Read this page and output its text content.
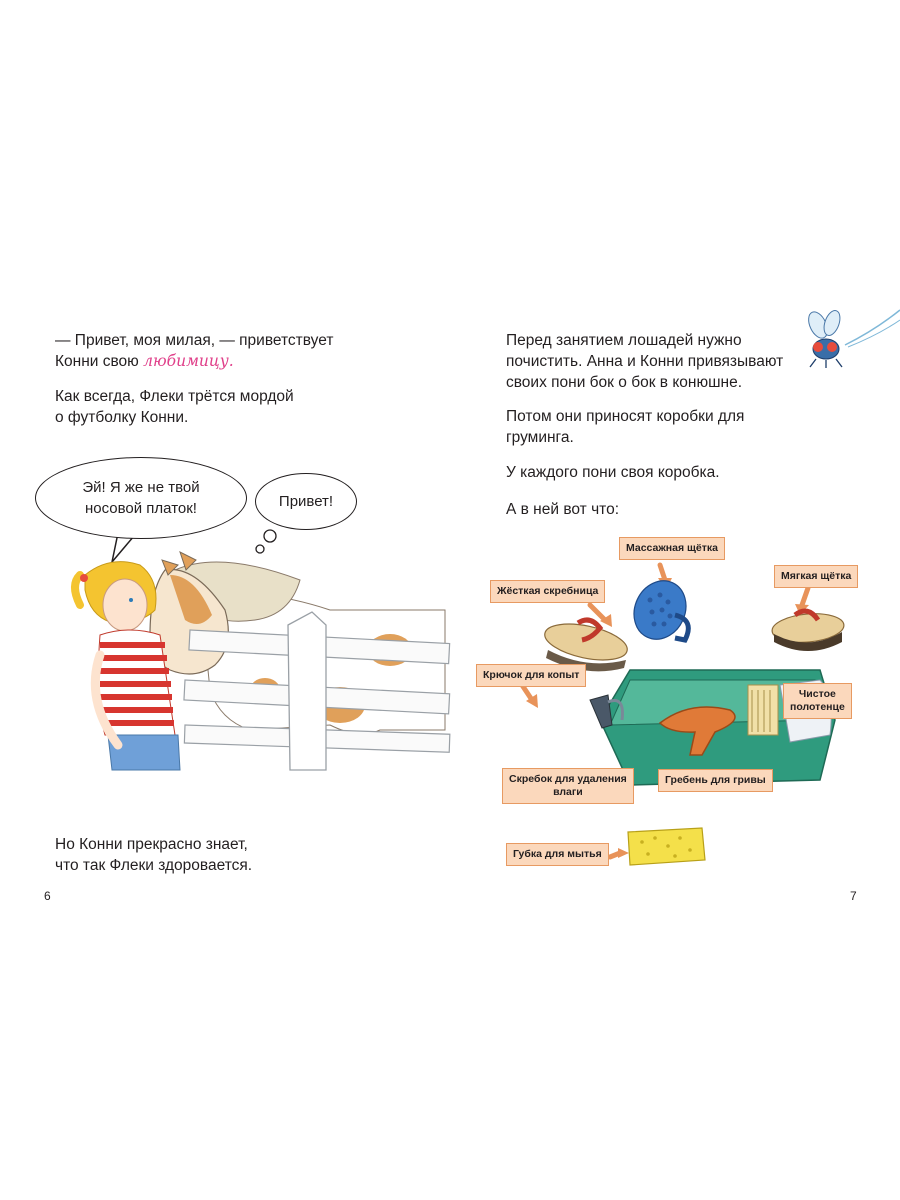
— Привет, моя милая, — приветствует

Конни свою любимицу.

Как всегда, Флеки трётся мордой

о футболку Конни.

Эй! Я же не твой
носовой платок!	Привет!

Но Конни прекрасно знает,

что так Флеки здоровается.

6

Перед занятием лошадей нужно

почистить. Анна и Конни привязывают

своих пони бок о бок в конюшне.

Потом они приносят коробки для

груминга.

У каждого пони своя коробка.

А в ней вот что:

Массажная щётка
Жёсткая скребница
Мягкая щётка
Крючок для копыт
Чистое
полотенце
Скребок для удаления
влаги
Гребень для гривы
Губка для мытья
7
